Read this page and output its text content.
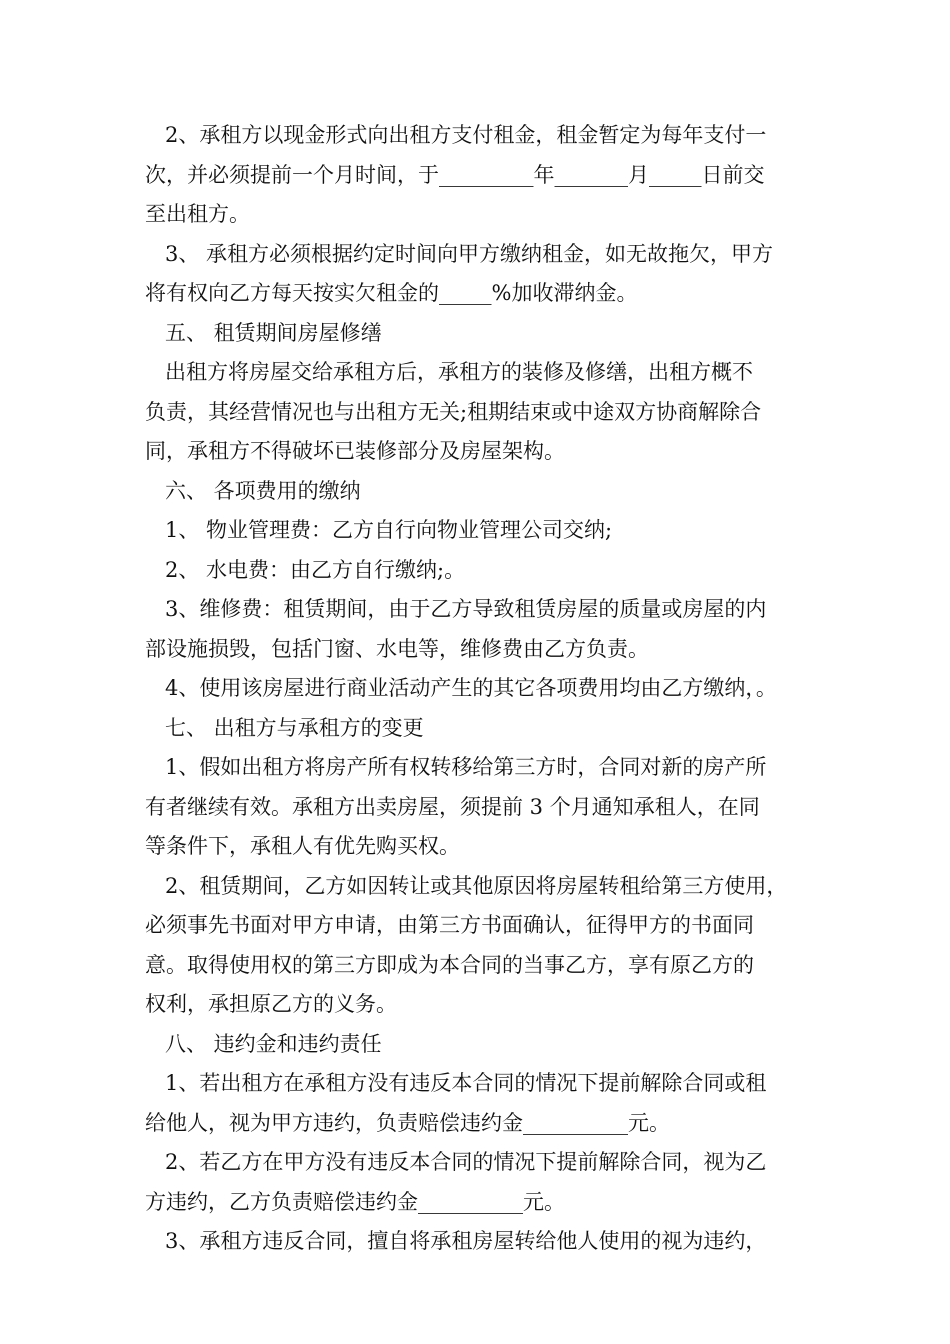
2、承租方以现金形式向出租方支付租金，租金暂定为每年支付一
次，并必须提前一个月时间，于_________年_______月_____日前交
至出租方。
3、 承租方必须根据约定时间向甲方缴纳租金，如无故拖欠，甲方
将有权向乙方每天按实欠租金的_____%加收滞纳金。
五、 租赁期间房屋修缮
出租方将房屋交给承租方后，承租方的装修及修缮，出租方概不
负责，其经营情况也与出租方无关;租期结束或中途双方协商解除合
同，承租方不得破坏已装修部分及房屋架构。
六、 各项费用的缴纳
1、 物业管理费：乙方自行向物业管理公司交纳;
2、 水电费：由乙方自行缴纳;。
3、维修费：租赁期间，由于乙方导致租赁房屋的质量或房屋的内
部设施损毁，包括门窗、水电等，维修费由乙方负责。
4、使用该房屋进行商业活动产生的其它各项费用均由乙方缴纳，。
七、 出租方与承租方的变更
1、假如出租方将房产所有权转移给第三方时，合同对新的房产所
有者继续有效。承租方出卖房屋，须提前 3 个月通知承租人，在同
等条件下，承租人有优先购买权。
2、租赁期间，乙方如因转让或其他原因将房屋转租给第三方使用，
必须事先书面对甲方申请，由第三方书面确认，征得甲方的书面同
意。取得使用权的第三方即成为本合同的当事乙方，享有原乙方的
权利，承担原乙方的义务。
八、 违约金和违约责任
1、若出租方在承租方没有违反本合同的情况下提前解除合同或租
给他人，视为甲方违约，负责赔偿违约金__________元。
2、若乙方在甲方没有违反本合同的情况下提前解除合同，视为乙
方违约，乙方负责赔偿违约金__________元。
3、承租方违反合同，擅自将承租房屋转给他人使用的视为违约，
